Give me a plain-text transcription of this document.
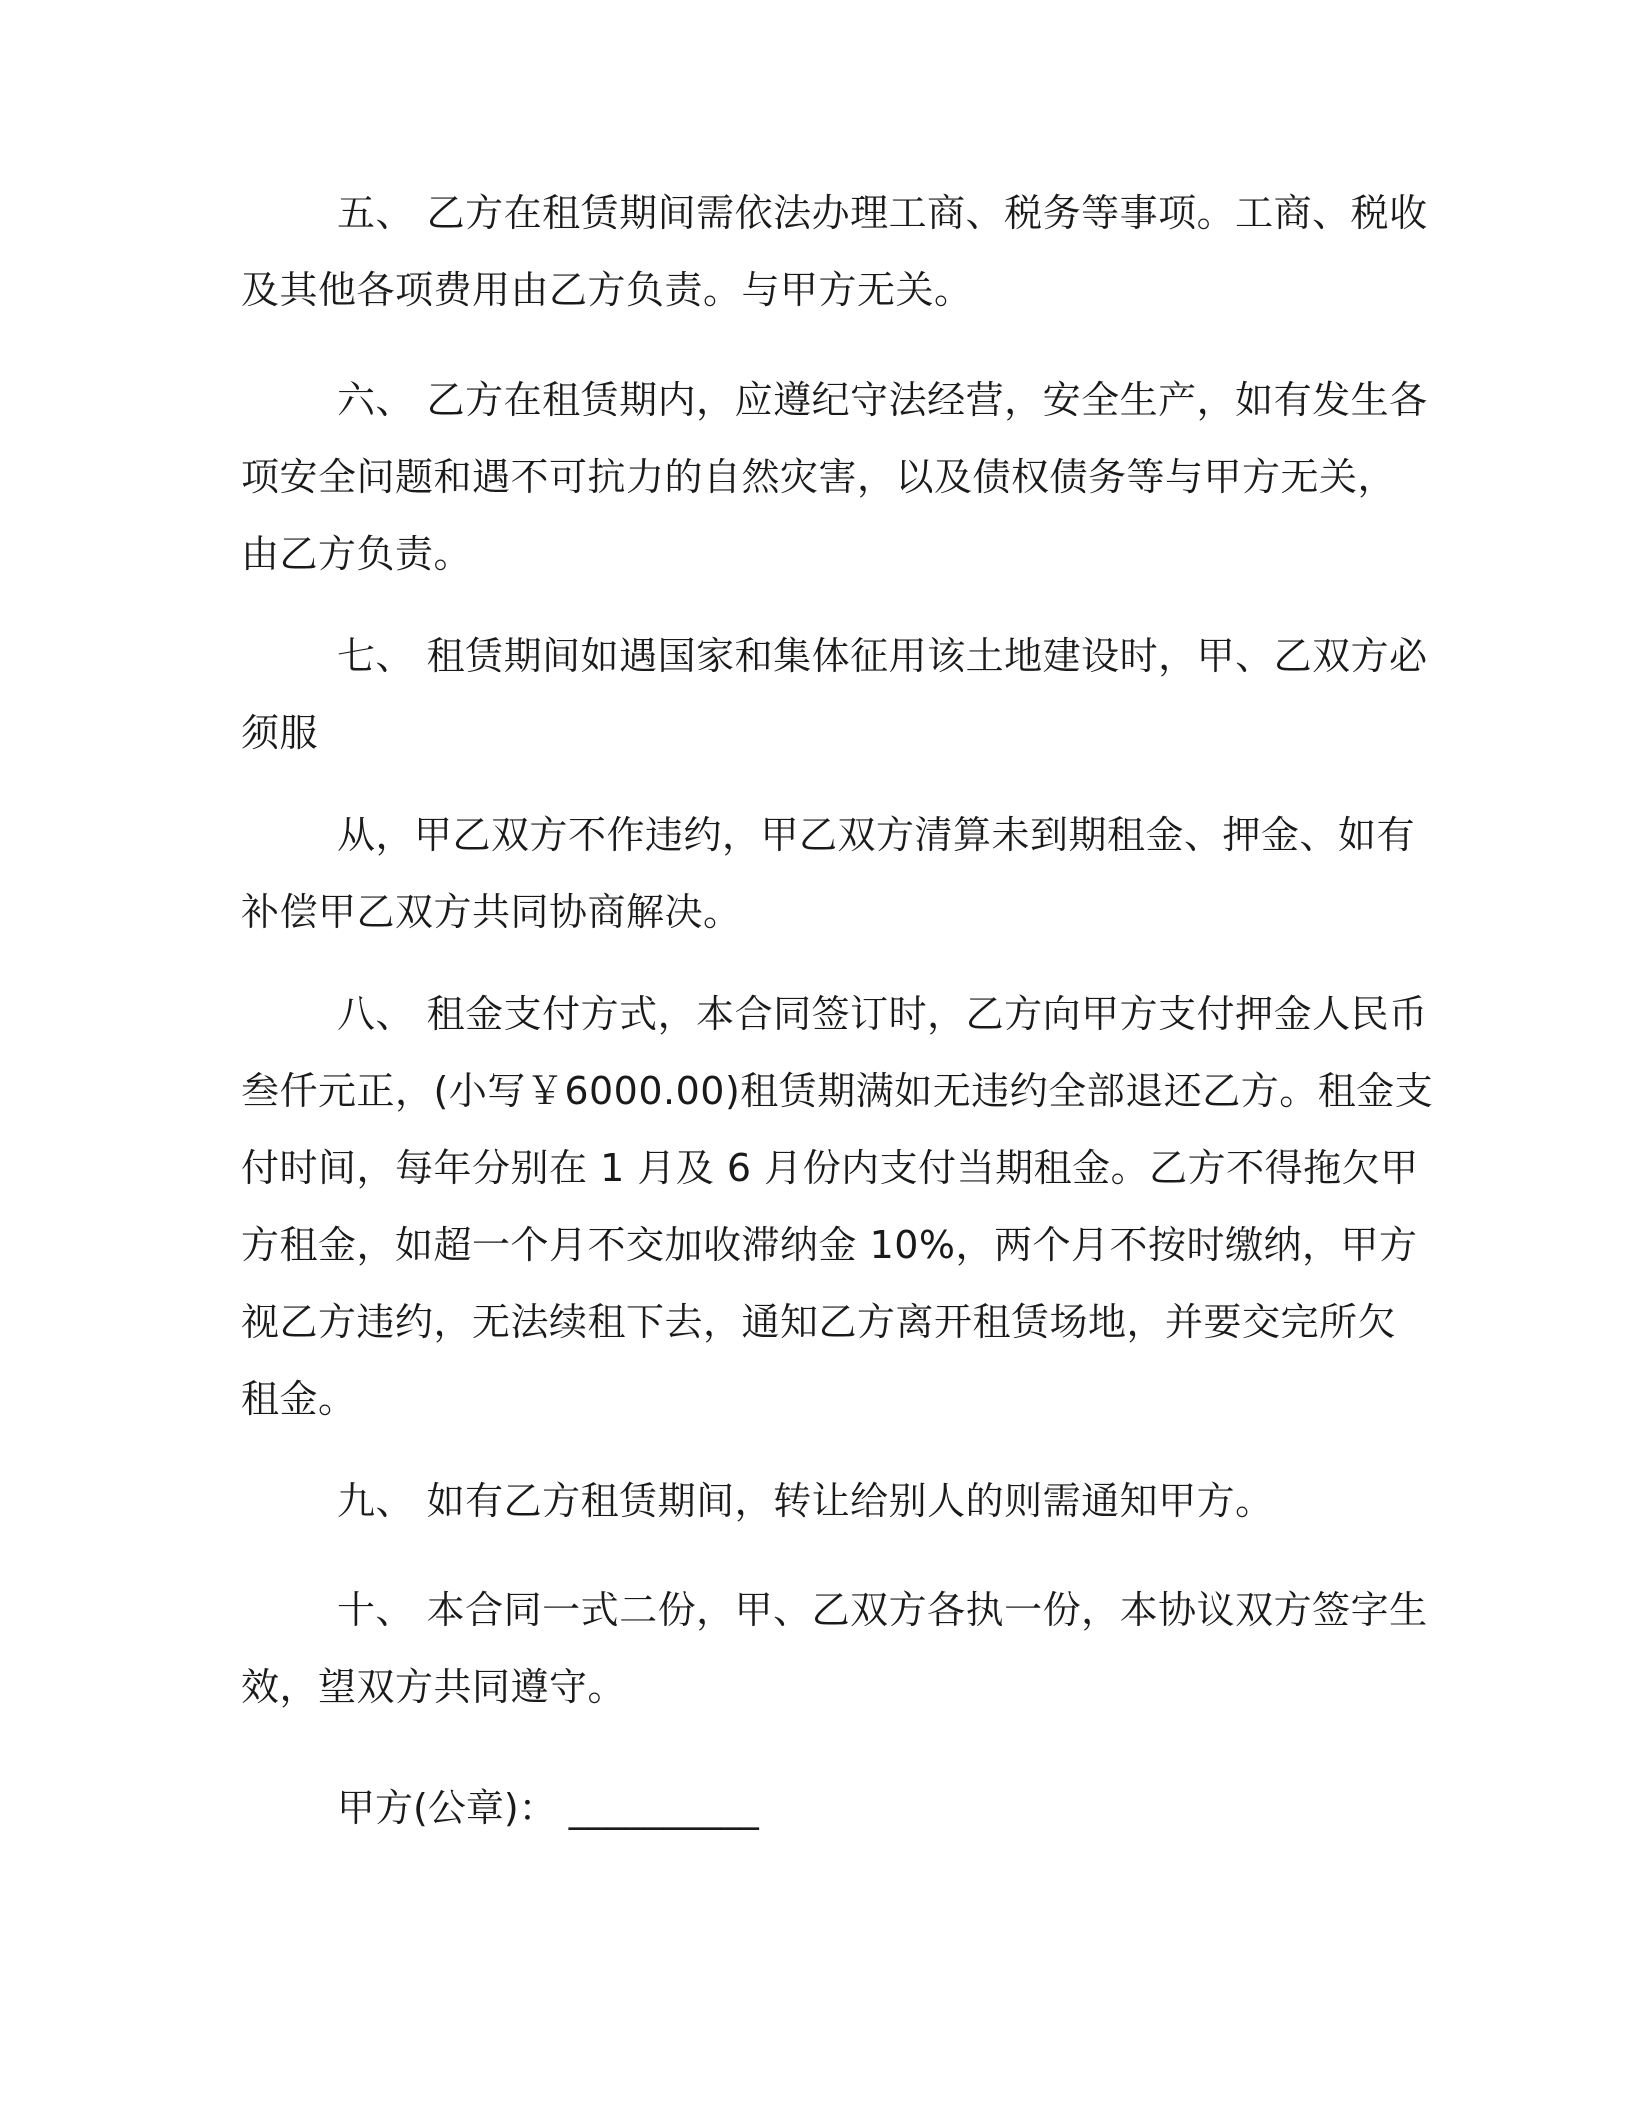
五、 乙方在租赁期间需依法办理工商、税务等事项。工商、税收
及其他各项费用由乙方负责。与甲方无关。
六、 乙方在租赁期内，应遵纪守法经营，安全生产，如有发生各
项安全问题和遇不可抗力的自然灾害，以及债权债务等与甲方无关，
由乙方负责。
七、 租赁期间如遇国家和集体征用该土地建设时，甲、乙双方必
须服
从，甲乙双方不作违约，甲乙双方清算未到期租金、押金、如有
补偿甲乙双方共同协商解决。
八、 租金支付方式，本合同签订时，乙方向甲方支付押金人民币
叁仟元正，(小写￥6000.00)租赁期满如无违约全部退还乙方。租金支
付时间，每年分别在 1 月及 6 月份内支付当期租金。乙方不得拖欠甲
方租金，如超一个月不交加收滞纳金 10%，两个月不按时缴纳，甲方
视乙方违约，无法续租下去，通知乙方离开租赁场地，并要交完所欠
租金。
九、 如有乙方租赁期间，转让给别人的则需通知甲方。
十、 本合同一式二份，甲、乙双方各执一份，本协议双方签字生
效，望双方共同遵守。
甲方(公章)： __________
